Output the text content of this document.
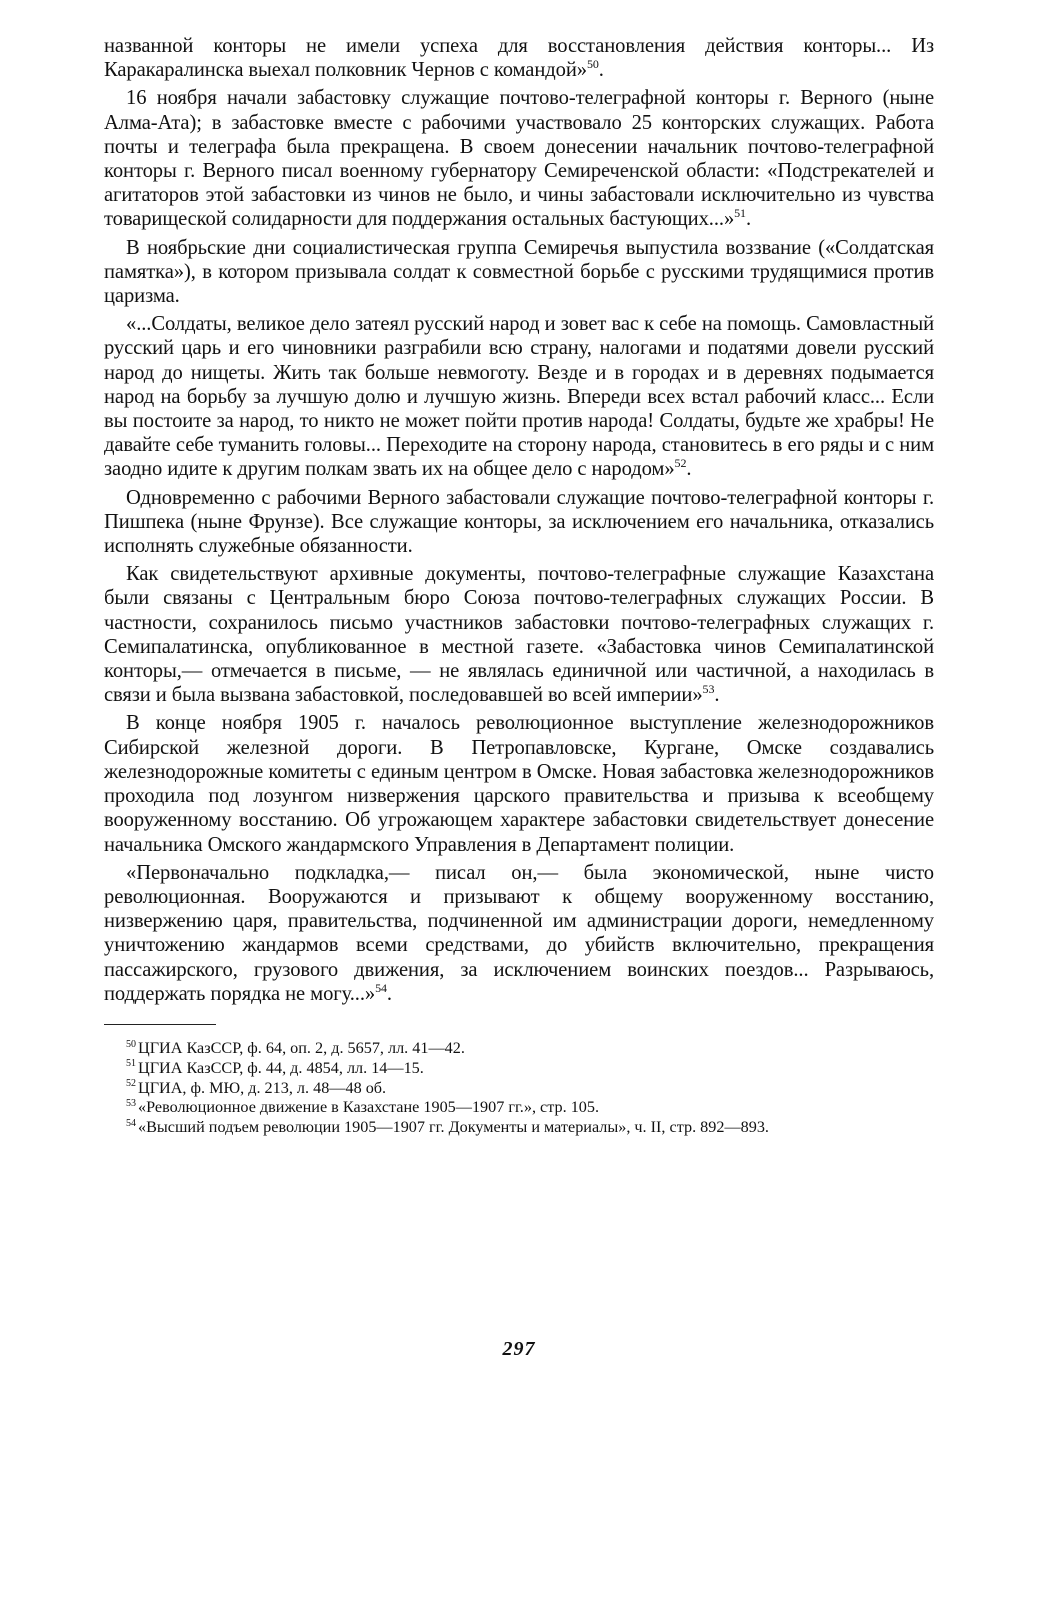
названной конторы не имели успеха для восстановления действия конторы... Из Каракаралинска выехал полковник Чернов с командой»$^{50}$.

16 ноября начали забастовку служащие почтово-телеграфной конторы г. Верного (ныне Алма-Ата); в забастовке вместе с рабочими участвовало 25 конторских служащих. Работа почты и телеграфа была прекращена. В своем донесении начальник почтово-телеграфной конторы г. Верного писал военному губернатору Семиреченской области: «Подстрекателей и агитаторов этой забастовки из чинов не было, и чины забастовали исключительно из чувства товарищеской солидарности для поддержания остальных бастующих...»$^{51}$.

В ноябрьские дни социалистическая группа Семиречья выпустила воззвание («Солдатская памятка»), в котором призывала солдат к совместной борьбе с русскими трудящимися против царизма.

«...Солдаты, великое дело затеял русский народ и зовет вас к себе на помощь. Самовластный русский царь и его чиновники разграбили всю страну, налогами и податями довели русский народ до нищеты. Жить так больше невмоготу. Везде и в городах и в деревнях подымается народ на борьбу за лучшую долю и лучшую жизнь. Впереди всех встал рабочий класс... Если вы постоите за народ, то никто не может пойти против народа! Солдаты, будьте же храбры! Не давайте себе туманить головы... Переходите на сторону народа, становитесь в его ряды и с ним заодно идите к другим полкам звать их на общее дело с народом»$^{52}$.

Одновременно с рабочими Верного забастовали служащие почтово-телеграфной конторы г. Пишпека (ныне Фрунзе). Все служащие конторы, за исключением его начальника, отказались исполнять служебные обязанности.

Как свидетельствуют архивные документы, почтово-телеграфные служащие Казахстана были связаны с Центральным бюро Союза почтово-телеграфных служащих России. В частности, сохранилось письмо участников забастовки почтово-телеграфных служащих г. Семипалатинска, опубликованное в местной газете. «Забастовка чинов Семипалатинской конторы,— отмечается в письме, — не являлась единичной или частичной, а находилась в связи и была вызвана забастовкой, последовавшей во всей империи»$^{53}$.

В конце ноября 1905 г. началось революционное выступление железнодорожников Сибирской железной дороги. В Петропавловске, Кургане, Омске создавались железнодорожные комитеты с единым центром в Омске. Новая забастовка железнодорожников проходила под лозунгом низвержения царского правительства и призыва к всеобщему вооруженному восстанию. Об угрожающем характере забастовки свидетельствует донесение начальника Омского жандармского Управления в Департамент полиции.

«Первоначально подкладка,— писал он,— была экономической, ныне чисто революционная. Вооружаются и призывают к общему вооруженному восстанию, низвержению царя, правительства, подчиненной им администрации дороги, немедленному уничтожению жандармов всеми средствами, до убийств включительно, прекращения пассажирского, грузового движения, за исключением воинских поездов... Разрываюсь, поддержать порядка не могу...»$^{54}$.

$^{50}$ ЦГИА КазССР, ф. 64, оп. 2, д. 5657, лл. 41—42.

$^{51}$ ЦГИА КазССР, ф. 44, д. 4854, лл. 14—15.

$^{52}$ ЦГИА, ф. МЮ, д. 213, л. 48—48 об.

$^{53}$ «Революционное движение в Казахстане 1905—1907 гг.», стр. 105.

$^{54}$ «Высший подъем революции 1905—1907 гг. Документы и материалы», ч. II, стр. 892—893.

297
